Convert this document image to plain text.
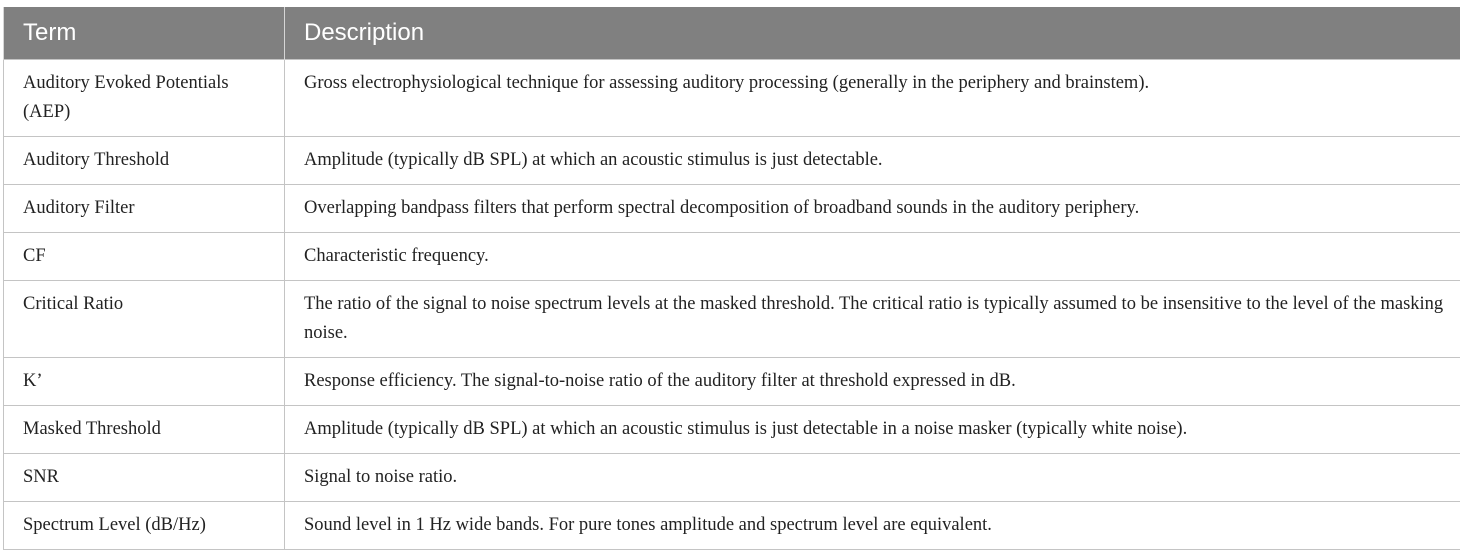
Term	Description
Auditory Evoked Potentials (AEP)	Gross electrophysiological technique for assessing auditory processing (generally in the periphery and brainstem).
Auditory Threshold	Amplitude (typically dB SPL) at which an acoustic stimulus is just detectable.
Auditory Filter	Overlapping bandpass filters that perform spectral decomposition of broadband sounds in the auditory periphery.
CF	Characteristic frequency.
Critical Ratio	The ratio of the signal to noise spectrum levels at the masked threshold. The critical ratio is typically assumed to be insensitive to the level of the masking noise.
K’	Response efficiency. The signal-to-noise ratio of the auditory filter at threshold expressed in dB.
Masked Threshold	Amplitude (typically dB SPL) at which an acoustic stimulus is just detectable in a noise masker (typically white noise).
SNR	Signal to noise ratio.
Spectrum Level (dB/Hz)	Sound level in 1 Hz wide bands. For pure tones amplitude and spectrum level are equivalent.
